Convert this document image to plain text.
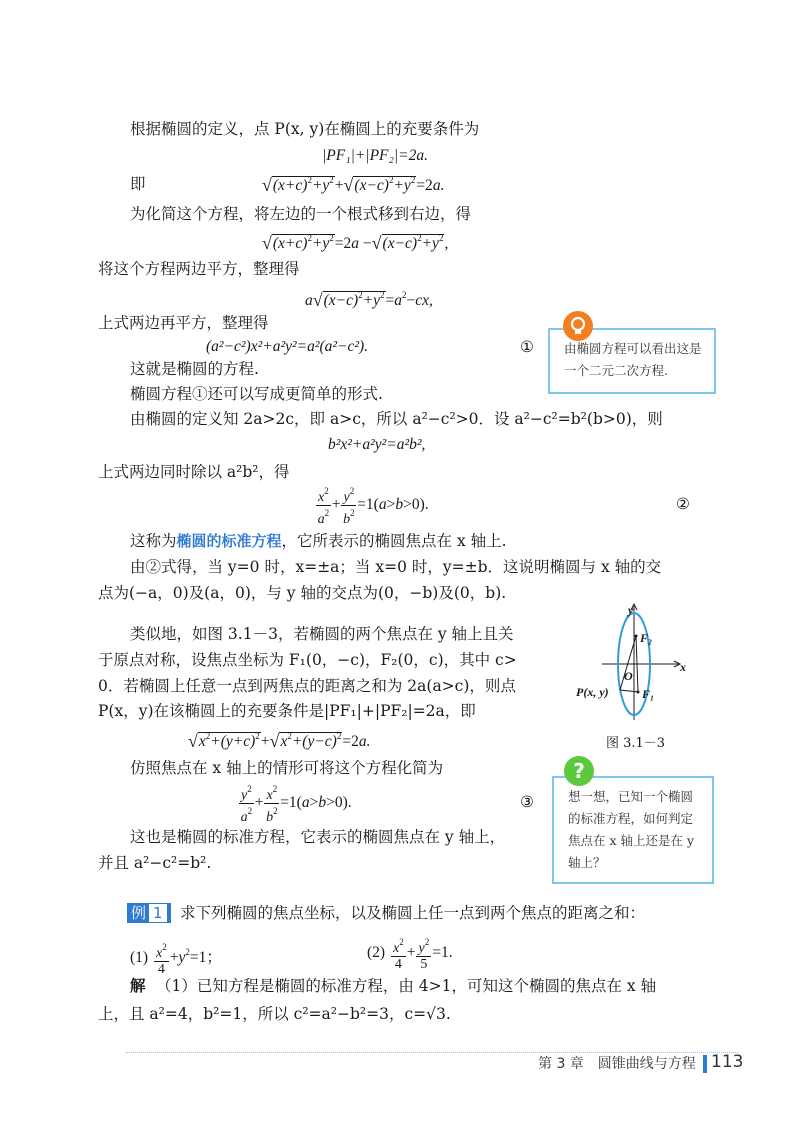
根据椭圆的定义，点 P(x, y)在椭圆上的充要条件为
|PF₁|+|PF₂|=2a.
即	$√(x+c)^2+y^2+√(x-c)^2+y^2=2a$.
为化简这个方程，将左边的一个根式移到右边，得
$√(x+c)^2+y^2=2a -√(x-c)^2+y^2$,
将这个方程两边平方，整理得
$a√(x-c)^2+y^2=a^2-cx$,
上式两边再平方，整理得
(a²−c²)x²+a²y²=a²(a²−c²).	①
这就是椭圆的方程.
椭圆方程①还可以写成更简单的形式.
由椭圆的定义知 2a>2c，即 a>c，所以 a²−c²>0．设 a²−c²=b²(b>0)，则
b²x²+a²y²=a²b²,
上式两边同时除以 a²b²，得
$\frac{x^2}{a^2} + \frac{y^2}{b^2} =1(a>b>0)$.	②
这称为椭圆的标准方程，它所表示的椭圆焦点在 x 轴上.
由②式得，当 y=0 时，x=±a；当 x=0 时，y=±b．这说明椭圆与 x 轴的交
点为(−a，0)及(a，0)，与 y 轴的交点为(0，−b)及(0，b).
类似地，如图 3.1－3，若椭圆的两个焦点在 y 轴上且关
于原点对称，设焦点坐标为 F₁(0，−c)，F₂(0，c)，其中 c>
0．若椭圆上任意一点到两焦点的距离之和为 2a(a>c)，则点
P(x，y)在该椭圆上的充要条件是|PF₁|+|PF₂|=2a，即
$√x^2+(y+c)^2+√x^2+(y-c)^2=2a$.
仿照焦点在 x 轴上的情形可将这个方程化简为
$\frac{y^2}{a^2} + \frac{x^2}{b^2} =1(a>b>0)$.	③
这也是椭圆的标准方程，它表示的椭圆焦点在 y 轴上，
并且 a²−c²=b².
例 1	求下列椭圆的焦点坐标，以及椭圆上任一点到两个焦点的距离之和：
$(1) \frac{x^2}{4} +y^2=1$；	$(2) \frac{x^2}{4} + \frac{y^2}{5} =1$.
解 （1）已知方程是椭圆的标准方程，由 4>1，可知这个椭圆的焦点在 x 轴
上，且 a²=4，b²=1，所以 c²=a²−b²=3，c=√3.
由椭圆方程可以看出这是一个二元二次方程.
想一想，已知一个椭圆的标准方程，如何判定焦点在 x 轴上还是在 y 轴上？
?
y
x
O
F₂
F₁
P(x, y)
图 3.1－3
第 3 章　圆锥曲线与方程 113
